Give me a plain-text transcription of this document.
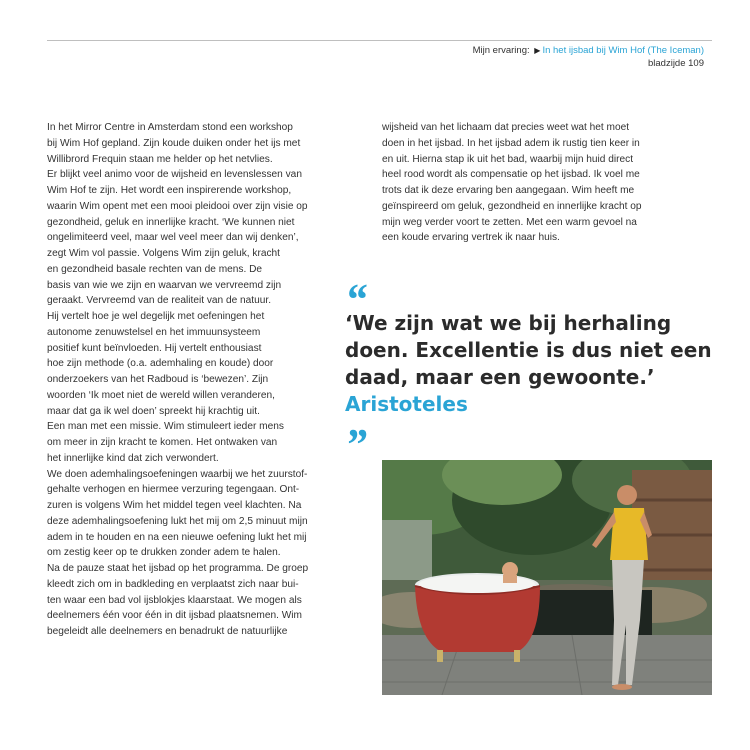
Mijn ervaring: ▶ In het ijsbad bij Wim Hof (The Iceman)
bladzijde 109

In het Mirror Centre in Amsterdam stond een workshop

bij Wim Hof gepland. Zijn koude duiken onder het ijs met

Willibrord Frequin staan me helder op het netvlies.

Er blijkt veel animo voor de wijsheid en levenslessen van

Wim Hof te zijn. Het wordt een inspirerende workshop,

waarin Wim opent met een mooi pleidooi over zijn visie op

gezondheid, geluk en innerlijke kracht. ‘We kunnen niet

ongelimiteerd veel, maar wel veel meer dan wij denken’,

zegt Wim vol passie. Volgens Wim zijn geluk, kracht

en gezondheid basale rechten van de mens. De

basis van wie we zijn en waarvan we vervreemd zijn

geraakt. Vervreemd van de realiteit van de natuur.

Hij vertelt hoe je wel degelijk met oefeningen het

autonome zenuwstelsel en het immuunsysteem

positief kunt beïnvloeden. Hij vertelt enthousiast

hoe zijn methode (o.a. ademhaling en koude) door

onderzoekers van het Radboud is ‘bewezen’. Zijn

woorden ‘Ik moet niet de wereld willen veranderen,

maar dat ga ik wel doen’ spreekt hij krachtig uit.

Een man met een missie. Wim stimuleert ieder mens

om meer in zijn kracht te komen. Het ontwaken van

het innerlijke kind dat zich verwondert.

We doen ademhalingsoefeningen waarbij we het zuurstof-

gehalte verhogen en hiermee verzuring tegengaan. Ont-

zuren is volgens Wim het middel tegen veel klachten. Na

deze ademhalingsoefening lukt het mij om 2,5 minuut mijn

adem in te houden en na een nieuwe oefening lukt het mij

om zestig keer op te drukken zonder adem te halen.

Na de pauze staat het ijsbad op het programma. De groep

kleedt zich om in badkleding en verplaatst zich naar bui-

ten waar een bad vol ijsblokjes klaarstaat. We mogen als

deelnemers één voor één in dit ijsbad plaatsnemen. Wim

begeleidt alle deelnemers en benadrukt de natuurlijke

wijsheid van het lichaam dat precies weet wat het moet

doen in het ijsbad. In het ijsbad adem ik rustig tien keer in

en uit. Hierna stap ik uit het bad, waarbij mijn huid direct

heel rood wordt als compensatie op het ijsbad. Ik voel me

trots dat ik deze ervaring ben aangegaan. Wim heeft me

geïnspireerd om geluk, gezondheid en innerlijke kracht op

mijn weg verder voort te zetten. Met een warm gevoel na

een koude ervaring vertrek ik naar huis.

“
‘We zijn wat we bij herhaling
doen. Excellentie is dus niet een
daad, maar een gewoonte.’
Aristoteles
”
